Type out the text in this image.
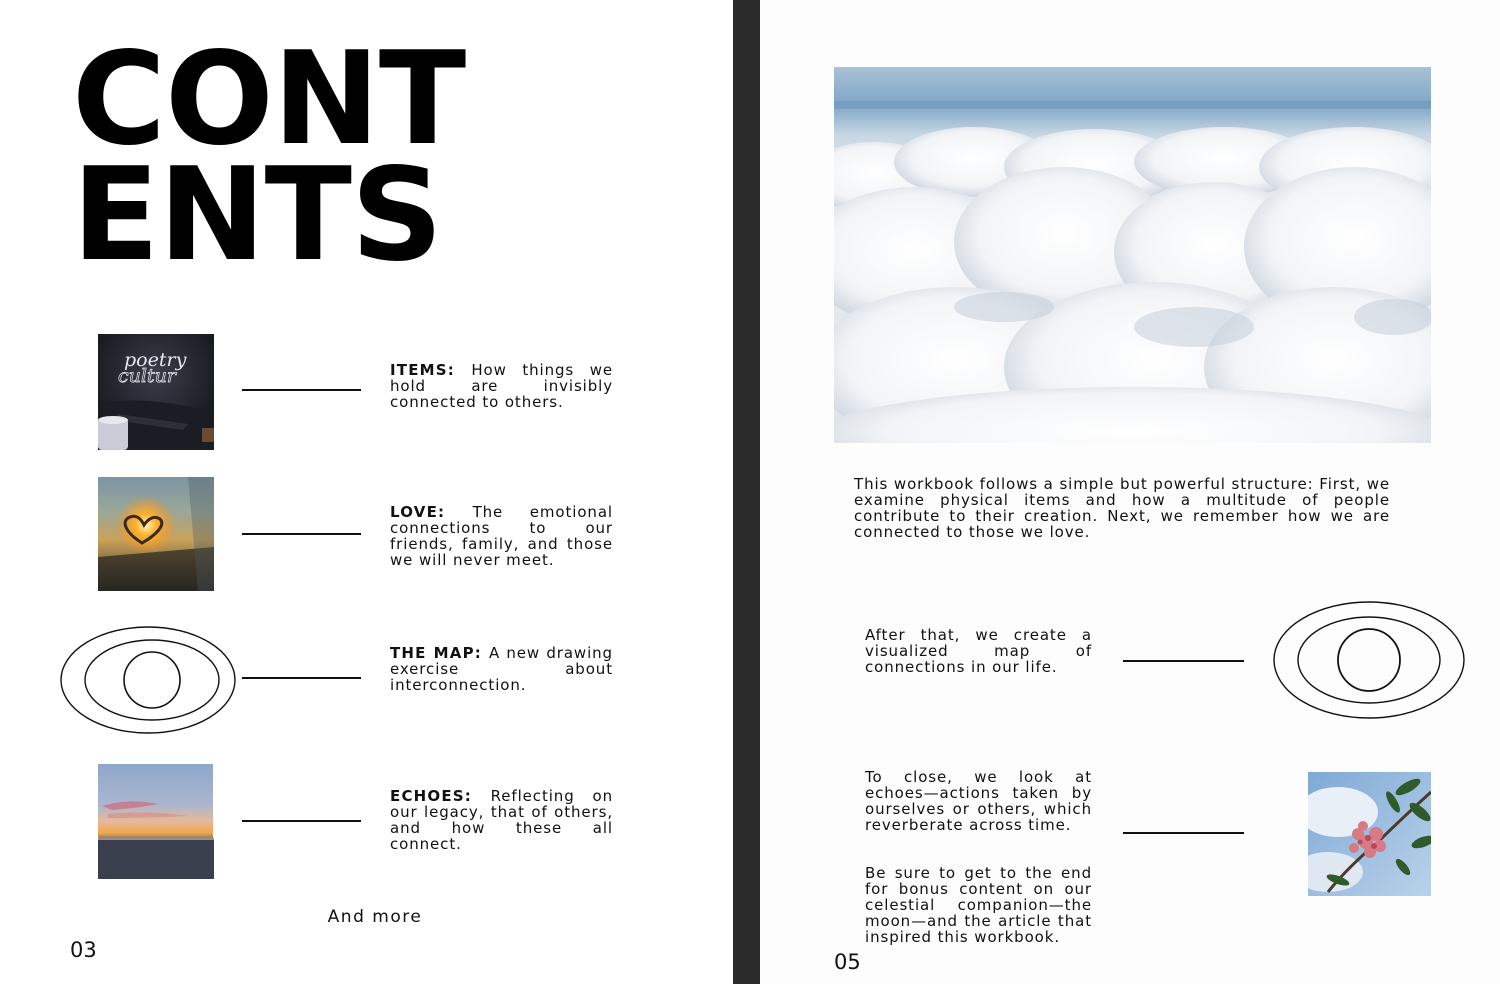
CONT
ENTS
poetry
cultur	ITEMS: How things we hold are invisibly connected to others.
LOVE: The emotional connections to our friends, family, and those we will never meet.
THE MAP: A new drawing exercise about interconnection.
ECHOES: Reflecting on our legacy, that of others, and how these all connect.
And more
03
This workbook follows a simple but powerful structure: First, we examine physical items and how a multitude of people contribute to their creation. Next, we remember how we are connected to those we love.
After that, we create a visualized map of connections in our life.
To close, we look at echoes—actions taken by ourselves or others, which reverberate across time.
Be sure to get to the end for bonus content on our celestial companion—the moon—and the article that inspired this workbook.
05
